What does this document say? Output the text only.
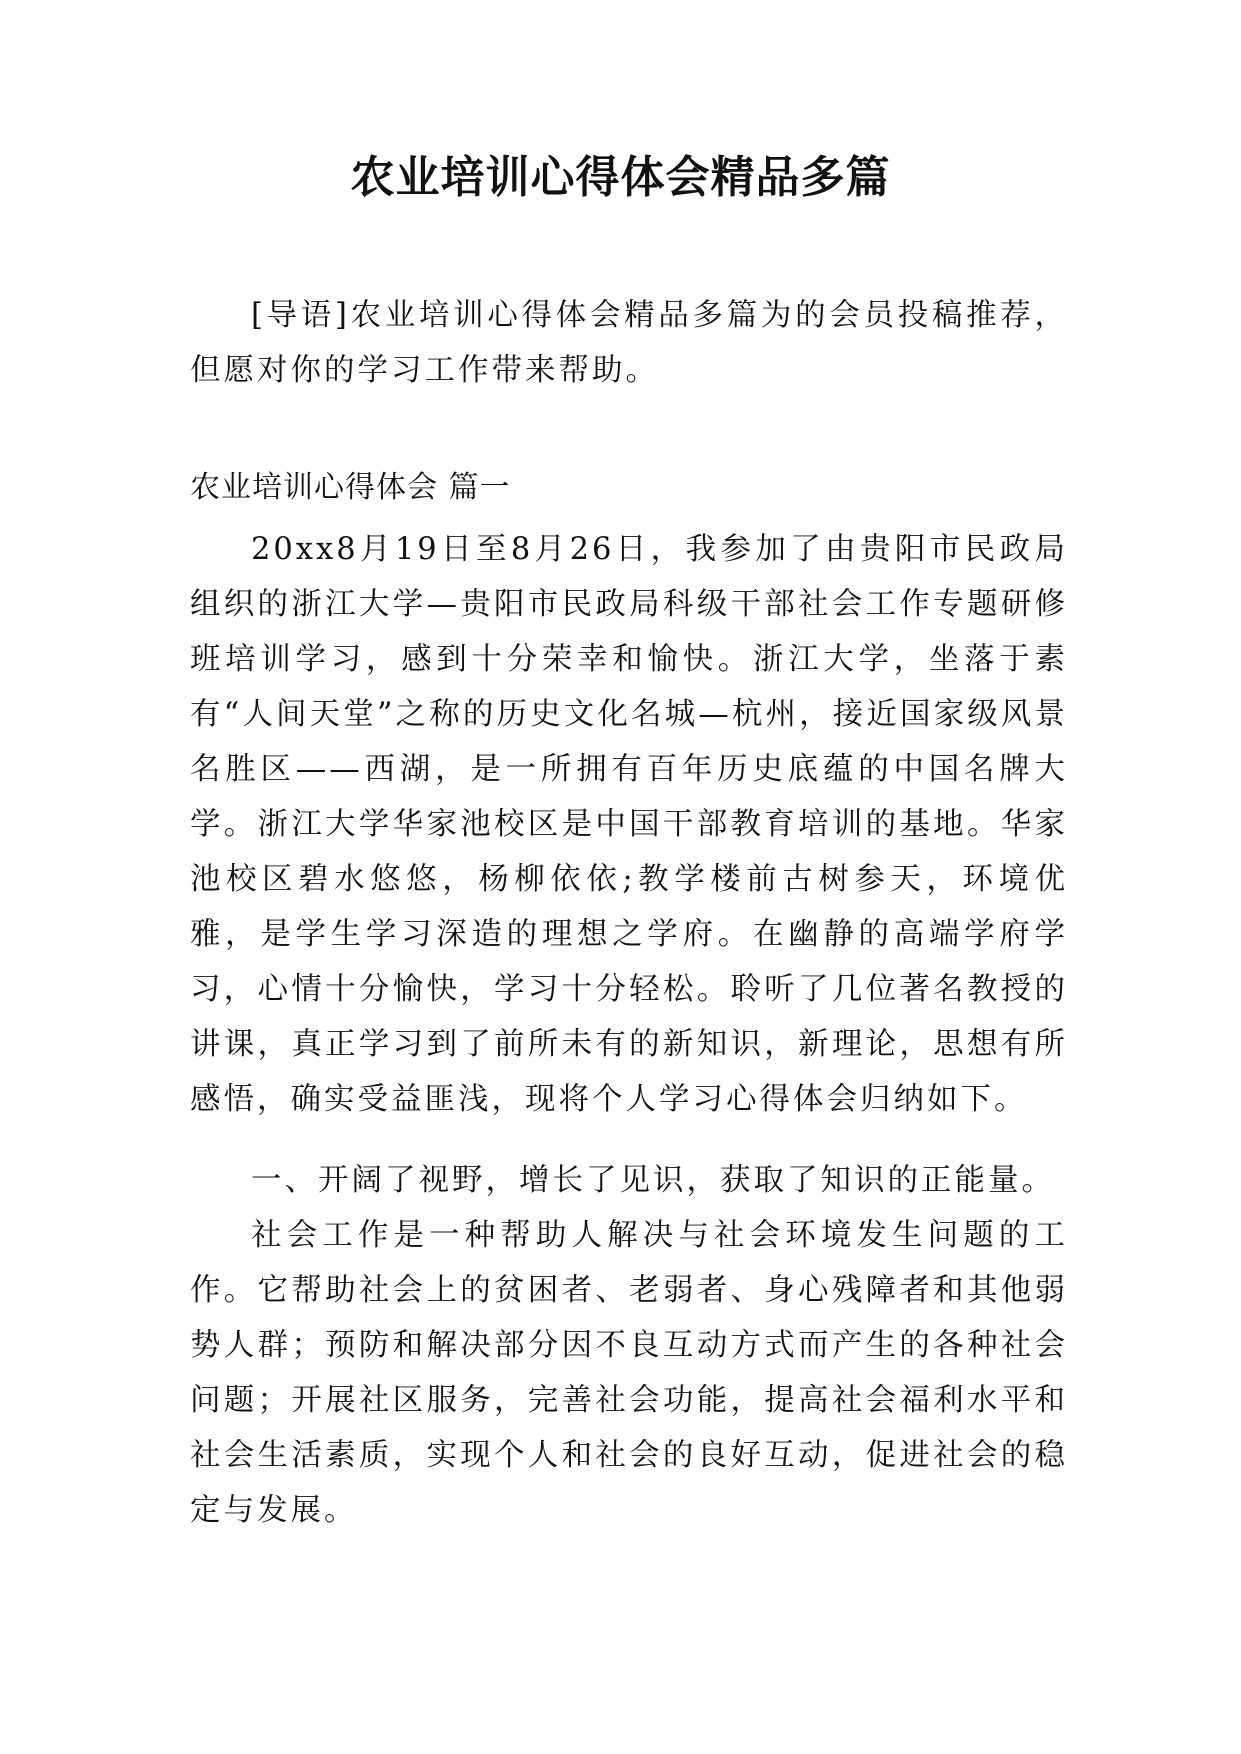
农业培训心得体会精品多篇

[导语]农业培训心得体会精品多篇为的会员投稿推荐，但愿对你的学习工作带来帮助。

农业培训心得体会 篇一

20xx8月19日至8月26日，我参加了由贵阳市民政局组织的浙江大学—贵阳市民政局科级干部社会工作专题研修班培训学习，感到十分荣幸和愉快。浙江大学，坐落于素有“人间天堂”之称的历史文化名城—杭州，接近国家级风景名胜区——西湖，是一所拥有百年历史底蕴的中国名牌大学。浙江大学华家池校区是中国干部教育培训的基地。华家池校区碧水悠悠，杨柳依依;教学楼前古树参天，环境优雅，是学生学习深造的理想之学府。在幽静的高端学府学习，心情十分愉快，学习十分轻松。聆听了几位著名教授的讲课，真正学习到了前所未有的新知识，新理论，思想有所感悟，确实受益匪浅，现将个人学习心得体会归纳如下。

一、开阔了视野，增长了见识，获取了知识的正能量。

社会工作是一种帮助人解决与社会环境发生问题的工作。它帮助社会上的贫困者、老弱者、身心残障者和其他弱势人群；预防和解决部分因不良互动方式而产生的各种社会问题；开展社区服务，完善社会功能，提高社会福利水平和社会生活素质，实现个人和社会的良好互动，促进社会的稳定与发展。
